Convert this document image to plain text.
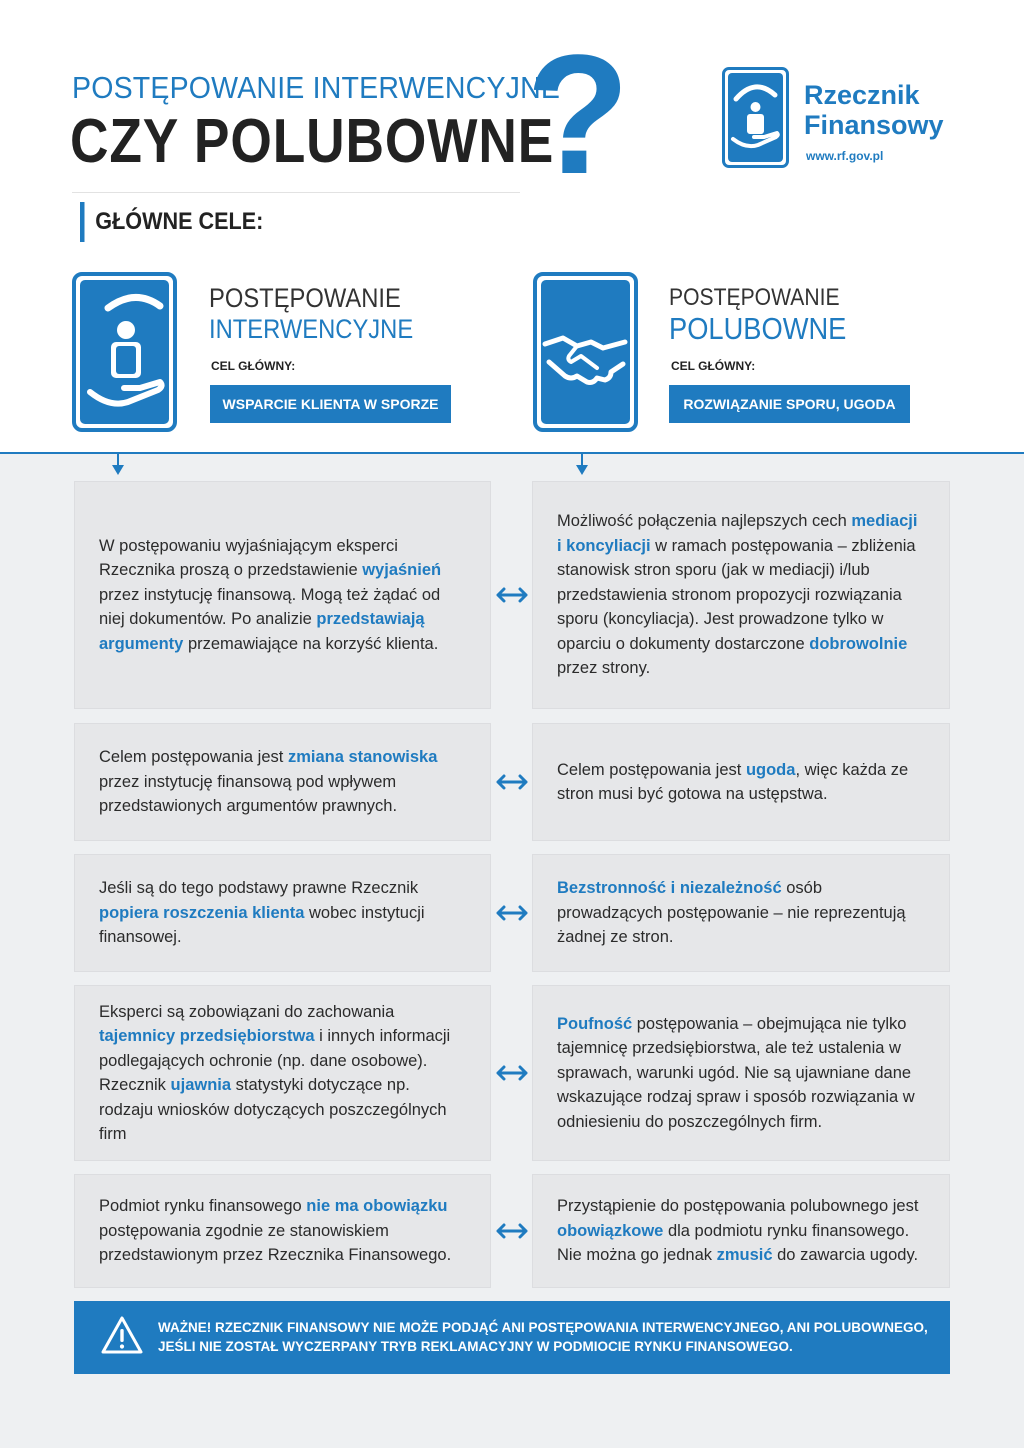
POSTĘPOWANIE INTERWENCYJNE
CZY POLUBOWNE
?	Rzecznik
Finansowy
www.rf.gov.pl
GŁÓWNE CELE:
POSTĘPOWANIE
INTERWENCYJNE
CEL GŁÓWNY:
WSPARCIE KLIENTA W SPORZE
POSTĘPOWANIE
POLUBOWNE
CEL GŁÓWNY:
ROZWIĄZANIE SPORU, UGODA

W postępowaniu wyjaśniającym eksperci Rzecznika proszą o przedstawienie wyjaśnień przez instytucję finansową. Mogą też żądać od niej dokumentów. Po analizie przedstawiają argumenty przemawiające na korzyść klienta.

Możliwość połączenia najlepszych cech mediacji i koncyliacji w ramach postępowania – zbliżenia stanowisk stron sporu (jak w mediacji) i/lub przedstawienia stronom propozycji rozwiązania sporu (koncyliacja). Jest prowadzone tylko w oparciu o dokumenty dostarczone dobrowolnie przez strony.

Celem postępowania jest zmiana stanowiska przez instytucję finansową pod wpływem przedstawionych argumentów prawnych.

Celem postępowania jest ugoda, więc każda ze stron musi być gotowa na ustępstwa.

Jeśli są do tego podstawy prawne Rzecznik popiera roszczenia klienta wobec instytucji finansowej.

Bezstronność i niezależność osób prowadzących postępowanie – nie reprezentują żadnej ze stron.

Eksperci są zobowiązani do zachowania tajemnicy przedsiębiorstwa i innych informacji podlegających ochronie (np. dane osobowe). Rzecznik ujawnia statystyki dotyczące np. rodzaju wniosków dotyczących poszczególnych firm

Poufność postępowania – obejmująca nie tylko tajemnicę przedsiębiorstwa, ale też ustalenia w sprawach, warunki ugód. Nie są ujawniane dane wskazujące rodzaj spraw i sposób rozwiązania w odniesieniu do poszczególnych firm.

Podmiot rynku finansowego nie ma obowiązku postępowania zgodnie ze stanowiskiem przedstawionym przez Rzecznika Finansowego.

Przystąpienie do postępowania polubownego jest obowiązkowe dla podmiotu rynku finansowego. Nie można go jednak zmusić do zawarcia ugody.

WAŻNE! RZECZNIK FINANSOWY NIE MOŻE PODJĄĆ ANI POSTĘPOWANIA INTERWENCYJNEGO, ANI POLUBOWNEGO, JEŚLI NIE ZOSTAŁ WYCZERPANY TRYB REKLAMACYJNY W PODMIOCIE RYNKU FINANSOWEGO.
